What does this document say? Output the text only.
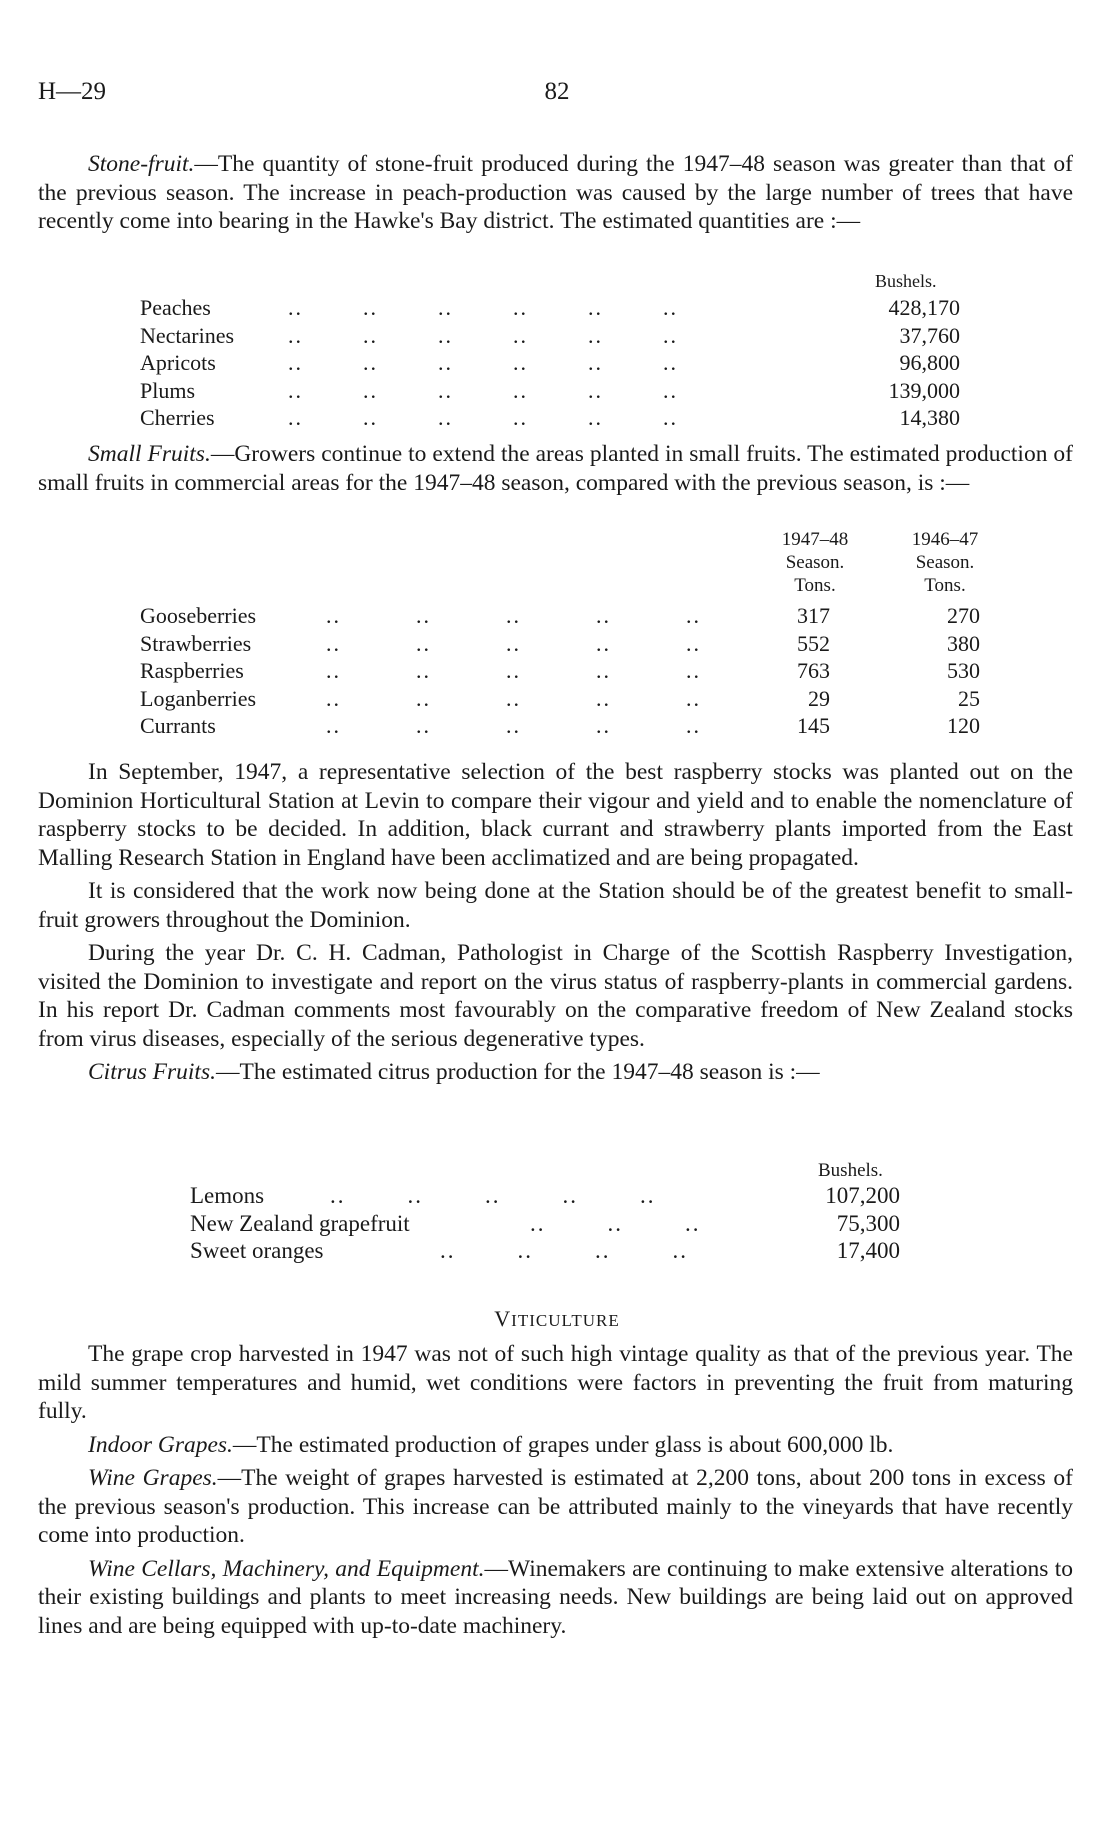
H—29	82

Stone-fruit.—The quantity of stone-fruit produced during the 1947–48 season was greater than that of the previous season. The increase in peach-production was caused by the large number of trees that have recently come into bearing in the Hawke's Bay district. The estimated quantities are :—

Bushels.
Peaches	..        ..        ..        ..        ..        ..	428,170
Nectarines ..        ..        ..        ..        ..        ..	37,760
Apricots	..        ..        ..        ..        ..        ..	96,800
Plums	..        ..        ..        ..        ..        ..	139,000
Cherries	..        ..        ..        ..        ..        ..	14,380

Small Fruits.—Growers continue to extend the areas planted in small fruits. The estimated production of small fruits in commercial areas for the 1947–48 season, compared with the previous season, is :—

1947–48
Season.
Tons.
1946–47
Season.
Tons.
Gooseberries	..          ..          ..          ..          ..	317	270
Strawberries	..          ..          ..          ..          ..	552	380
Raspberries	..          ..          ..          ..          ..	763	530
Loganberries	..          ..          ..          ..          ..	29	25
Currants	..          ..          ..          ..          ..	145	120

In September, 1947, a representative selection of the best raspberry stocks was planted out on the Dominion Horticultural Station at Levin to compare their vigour and yield and to enable the nomenclature of raspberry stocks to be decided. In addition, black currant and strawberry plants imported from the East Malling Research Station in England have been acclimatized and are being propagated.

It is considered that the work now being done at the Station should be of the greatest benefit to small-fruit growers throughout the Dominion.

During the year Dr. C. H. Cadman, Pathologist in Charge of the Scottish Raspberry Investigation, visited the Dominion to investigate and report on the virus status of raspberry-plants in commercial gardens. In his report Dr. Cadman comments most favourably on the comparative freedom of New Zealand stocks from virus diseases, especially of the serious degenerative types.

Citrus Fruits.—The estimated citrus production for the 1947–48 season is :—

Bushels.
Lemons	..        ..        ..        ..        ..	107,200
New Zealand grapefruit	..        ..        ..	75,300
Sweet oranges	..        ..        ..        ..	17,400
VITICULTURE

The grape crop harvested in 1947 was not of such high vintage quality as that of the previous year. The mild summer temperatures and humid, wet conditions were factors in preventing the fruit from maturing fully.

Indoor Grapes.—The estimated production of grapes under glass is about 600,000 lb.

Wine Grapes.—The weight of grapes harvested is estimated at 2,200 tons, about 200 tons in excess of the previous season's production. This increase can be attributed mainly to the vineyards that have recently come into production.

Wine Cellars, Machinery, and Equipment.—Winemakers are continuing to make extensive alterations to their existing buildings and plants to meet increasing needs. New buildings are being laid out on approved lines and are being equipped with up-to-date machinery.
